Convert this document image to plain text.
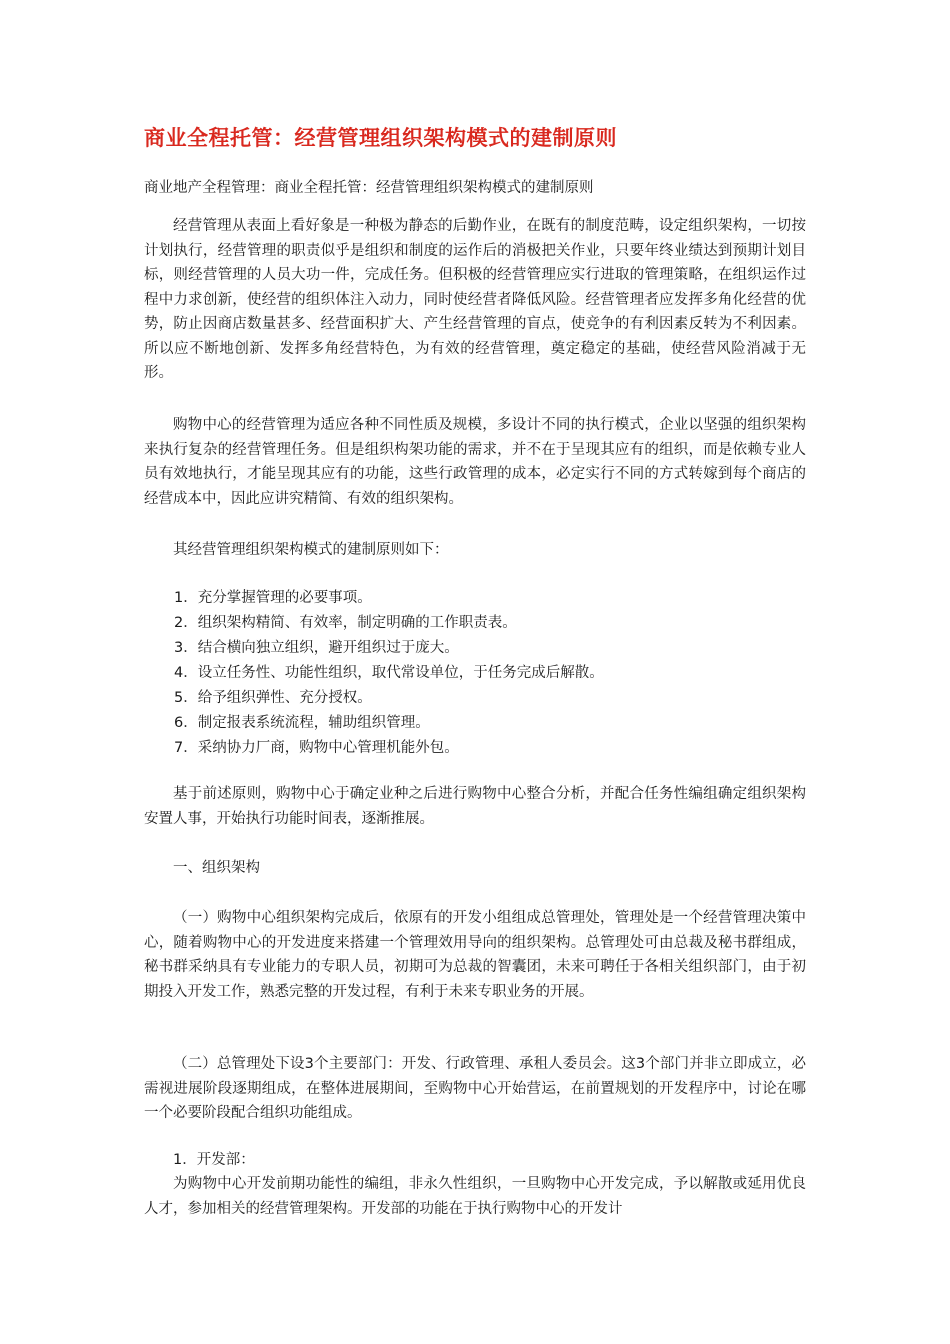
商业全程托管：经营管理组织架构模式的建制原则
商业地产全程管理：商业全程托管：经营管理组织架构模式的建制原则

经营管理从表面上看好象是一种极为静态的后勤作业，在既有的制度范畴，设定组织架构，一切按计划执行，经营管理的职责似乎是组织和制度的运作后的消极把关作业，只要年终业绩达到预期计划目标，则经营管理的人员大功一件，完成任务。但积极的经营管理应实行进取的管理策略，在组织运作过程中力求创新，使经营的组织体注入动力，同时使经营者降低风险。经营管理者应发挥多角化经营的优势，防止因商店数量甚多、经营面积扩大、产生经营管理的盲点，使竞争的有利因素反转为不利因素。所以应不断地创新、发挥多角经营特色，为有效的经营管理，奠定稳定的基础，使经营风险消减于无形。

购物中心的经营管理为适应各种不同性质及规模，多设计不同的执行模式，企业以坚强的组织架构来执行复杂的经营管理任务。但是组织构架功能的需求，并不在于呈现其应有的组织，而是依赖专业人员有效地执行，才能呈现其应有的功能，这些行政管理的成本，必定实行不同的方式转嫁到每个商店的经营成本中，因此应讲究精简、有效的组织架构。

其经营管理组织架构模式的建制原则如下：

1．充分掌握管理的必要事项。
2．组织架构精简、有效率，制定明确的工作职责表。
3．结合横向独立组织，避开组织过于庞大。
4．设立任务性、功能性组织，取代常设单位，于任务完成后解散。
5．给予组织弹性、充分授权。
6．制定报表系统流程，辅助组织管理。
7．采纳协力厂商，购物中心管理机能外包。

基于前述原则，购物中心于确定业种之后进行购物中心整合分析，并配合任务性编组确定组织架构安置人事，开始执行功能时间表，逐渐推展。

一、组织架构

（一）购物中心组织架构完成后，依原有的开发小组组成总管理处，管理处是一个经营管理决策中心，随着购物中心的开发进度来搭建一个管理效用导向的组织架构。总管理处可由总裁及秘书群组成，秘书群采纳具有专业能力的专职人员，初期可为总裁的智囊团，未来可聘任于各相关组织部门，由于初期投入开发工作，熟悉完整的开发过程，有利于未来专职业务的开展。

（二）总管理处下设3个主要部门：开发、行政管理、承租人委员会。这3个部门并非立即成立，必需视进展阶段逐期组成，在整体进展期间，至购物中心开始营运，在前置规划的开发程序中，讨论在哪一个必要阶段配合组织功能组成。

1．开发部：

为购物中心开发前期功能性的编组，非永久性组织，一旦购物中心开发完成，予以解散或延用优良人才，参加相关的经营管理架构。开发部的功能在于执行购物中心的开发计
